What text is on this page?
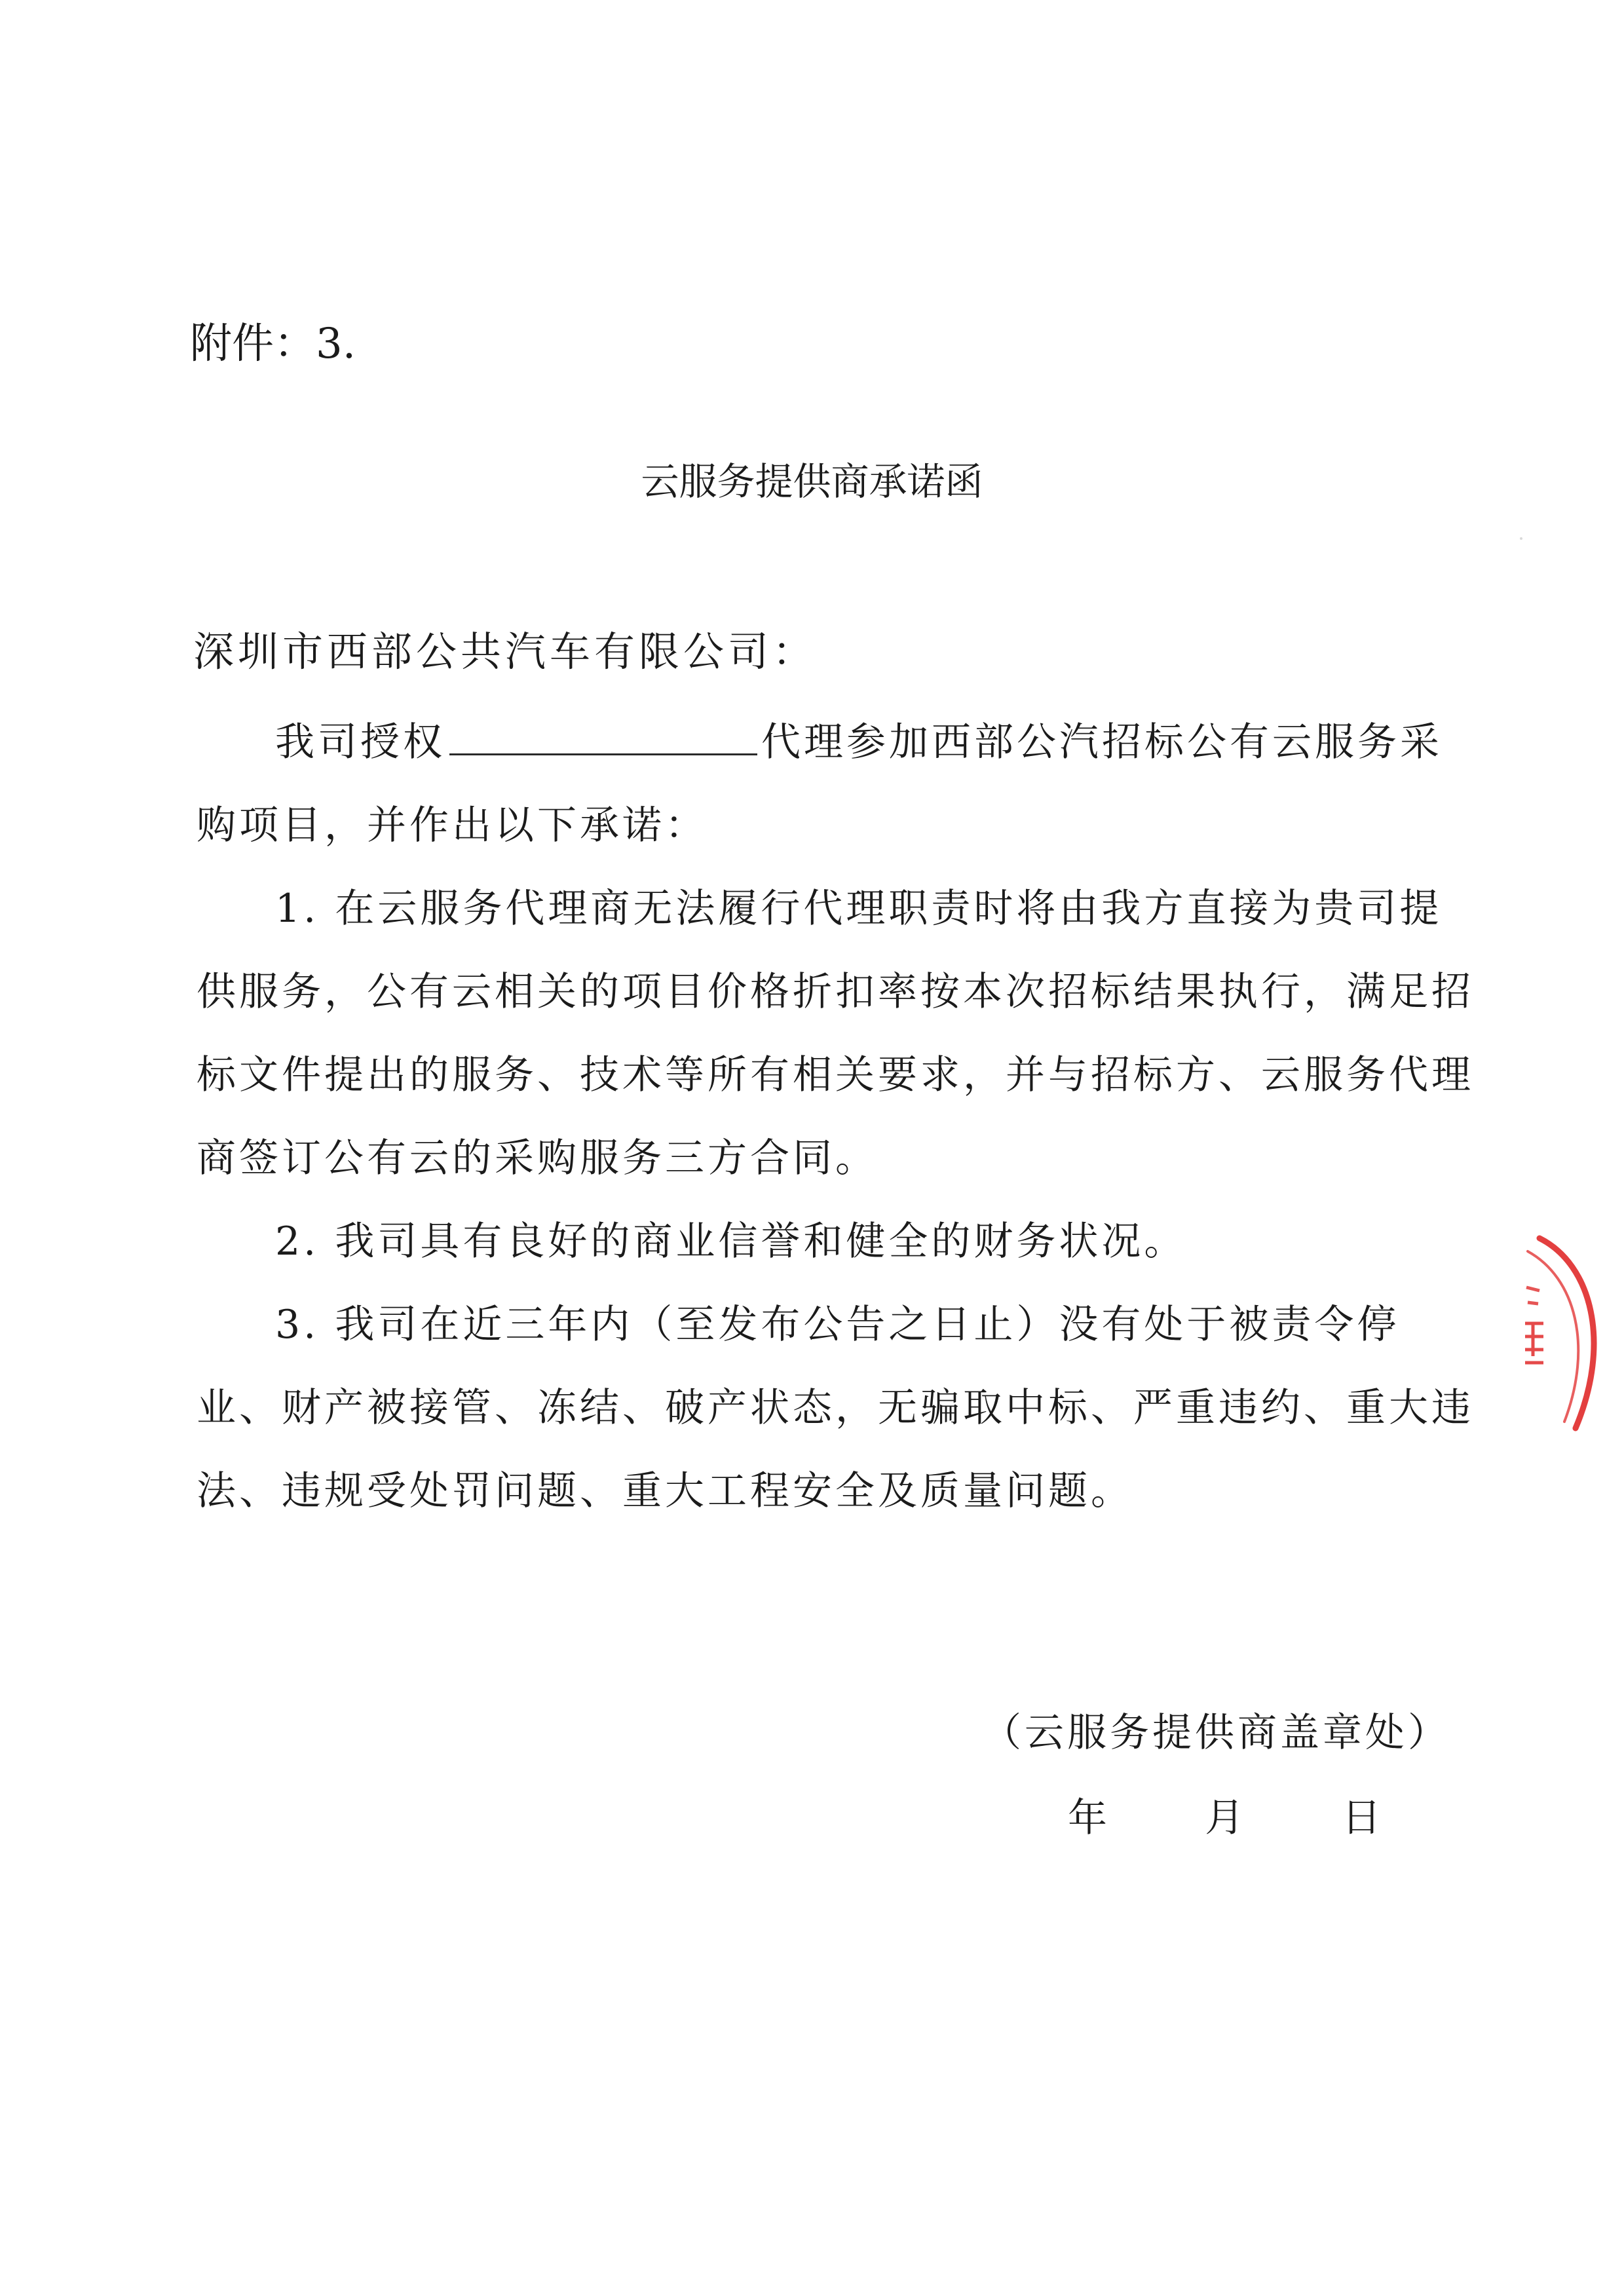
附件：3.
云服务提供商承诺函
深圳市西部公共汽车有限公司：

我司授权	代理参加西部公汽招标公有云服务采购项目，并作出以下承诺：

1. 在云服务代理商无法履行代理职责时将由我方直接为贵司提供服务，公有云相关的项目价格折扣率按本次招标结果执行，满足招标文件提出的服务、技术等所有相关要求，并与招标方、云服务代理商签订公有云的采购服务三方合同。

2. 我司具有良好的商业信誉和健全的财务状况。

3. 我司在近三年内（至发布公告之日止）没有处于被责令停业、财产被接管、冻结、破产状态，无骗取中标、严重违约、重大违法、违规受处罚问题、重大工程安全及质量问题。

（云服务提供商盖章处）
年 月 日
